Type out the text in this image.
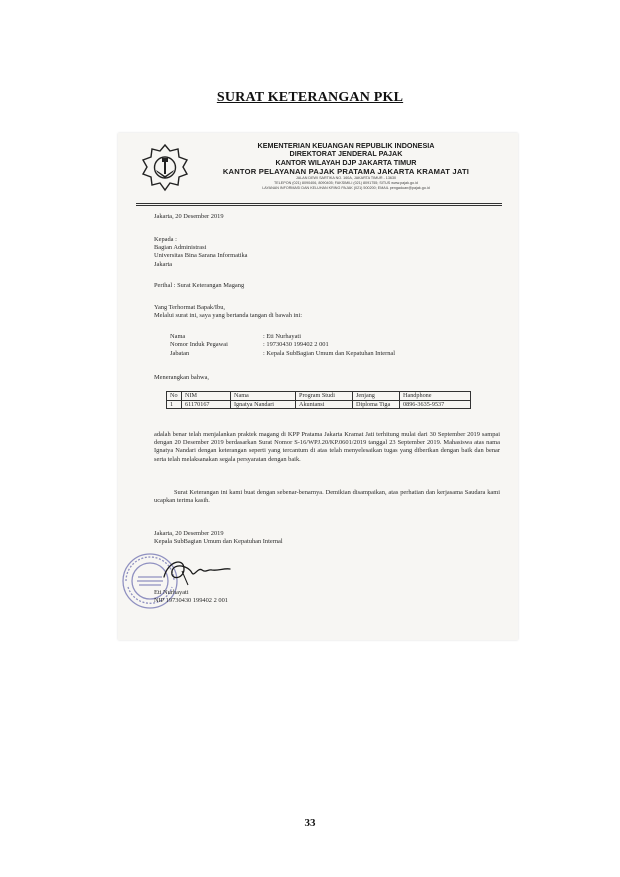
SURAT KETERANGAN PKL
KEMENTERIAN KEUANGAN REPUBLIK INDONESIA
DIREKTORAT JENDERAL PAJAK
KANTOR WILAYAH DJP JAKARTA TIMUR
KANTOR PELAYANAN PAJAK PRATAMA JAKARTA KRAMAT JATI
JALAN DEWI SARTIKA NO. 160A, JAKARTA TIMUR - 13630
TELEPON (021) 8090406, 8090405; FAKSIMILI (021) 8091755; SITUS www.pajak.go.id
LAYANAN INFORMASI DAN KELUHAN KRING PAJAK (021) 500200; EMAIL pengaduan@pajak.go.id
Jakarta, 20 Desember 2019
Kepada :
Bagian Administrasi
Universitas Bina Sarana Informatika
Jakarta
Perihal : Surat Keterangan Magang
Yang Terhormat Bapak/Ibu,
Melalui surat ini, saya yang bertanda tangan di bawah ini:
Nama	: Eti Nurhayati
Nomor Induk Pegawai	: 19730430 199402 2 001
Jabatan	: Kepala SubBagian Umum dan Kepatuhan Internal
Menerangkan bahwa,
No	NIM	Nama	Program Studi	Jenjang	Handphone
1	61170167	Ignatya Nandari	Akuntansi	Diploma Tiga	0896-3635-9537
adalah benar telah menjalankan praktek magang di KPP Pratama Jakarta Kramat Jati terhitung mulai dari 30 September 2019 sampai dengan 20 Desember 2019 berdasarkan Surat Nomor S-16/WPJ.20/KP.0601/2019 tanggal 23 September 2019. Mahasiswa atas nama Ignatya Nandari dengan keterangan seperti yang tercantum di atas telah menyelesaikan tugas yang diberikan dengan baik dan benar serta telah melaksanakan segala persyaratan dengan baik.
Surat Keterangan ini kami buat dengan sebenar-benarnya. Demikian disampaikan, atas perhatian dan kerjasama Saudara kami ucapkan terima kasih.
Jakarta, 20 Desember 2019
Kepala SubBagian Umum dan Kepatuhan Internal
Eti Nurhayati
NIP 19730430 199402 2 001
33
